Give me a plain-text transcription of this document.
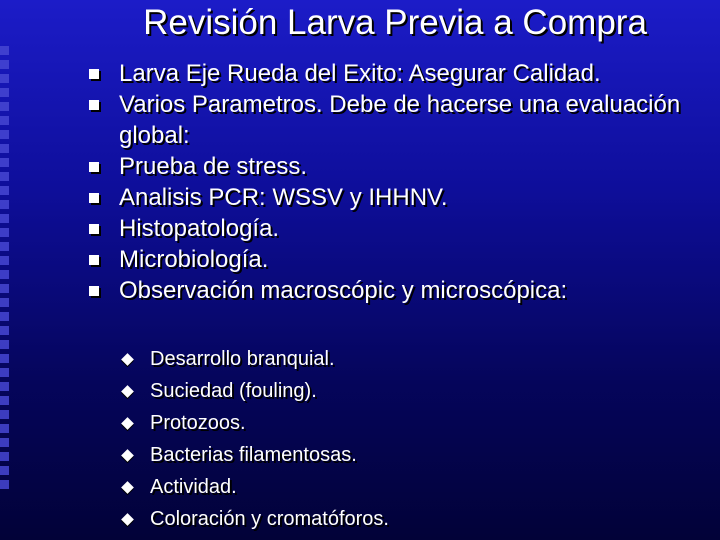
Revisión Larva Previa a Compra
Larva Eje Rueda del Exito: Asegurar Calidad.
Varios Parametros. Debe de hacerse una evaluación global:
Prueba de stress.
Analisis PCR: WSSV y IHHNV.
Histopatología.
Microbiología.
Observación macroscópic y microscópica:
Desarrollo branquial.
Suciedad (fouling).
Protozoos.
Bacterias filamentosas.
Actividad.
Coloración y cromatóforos.
